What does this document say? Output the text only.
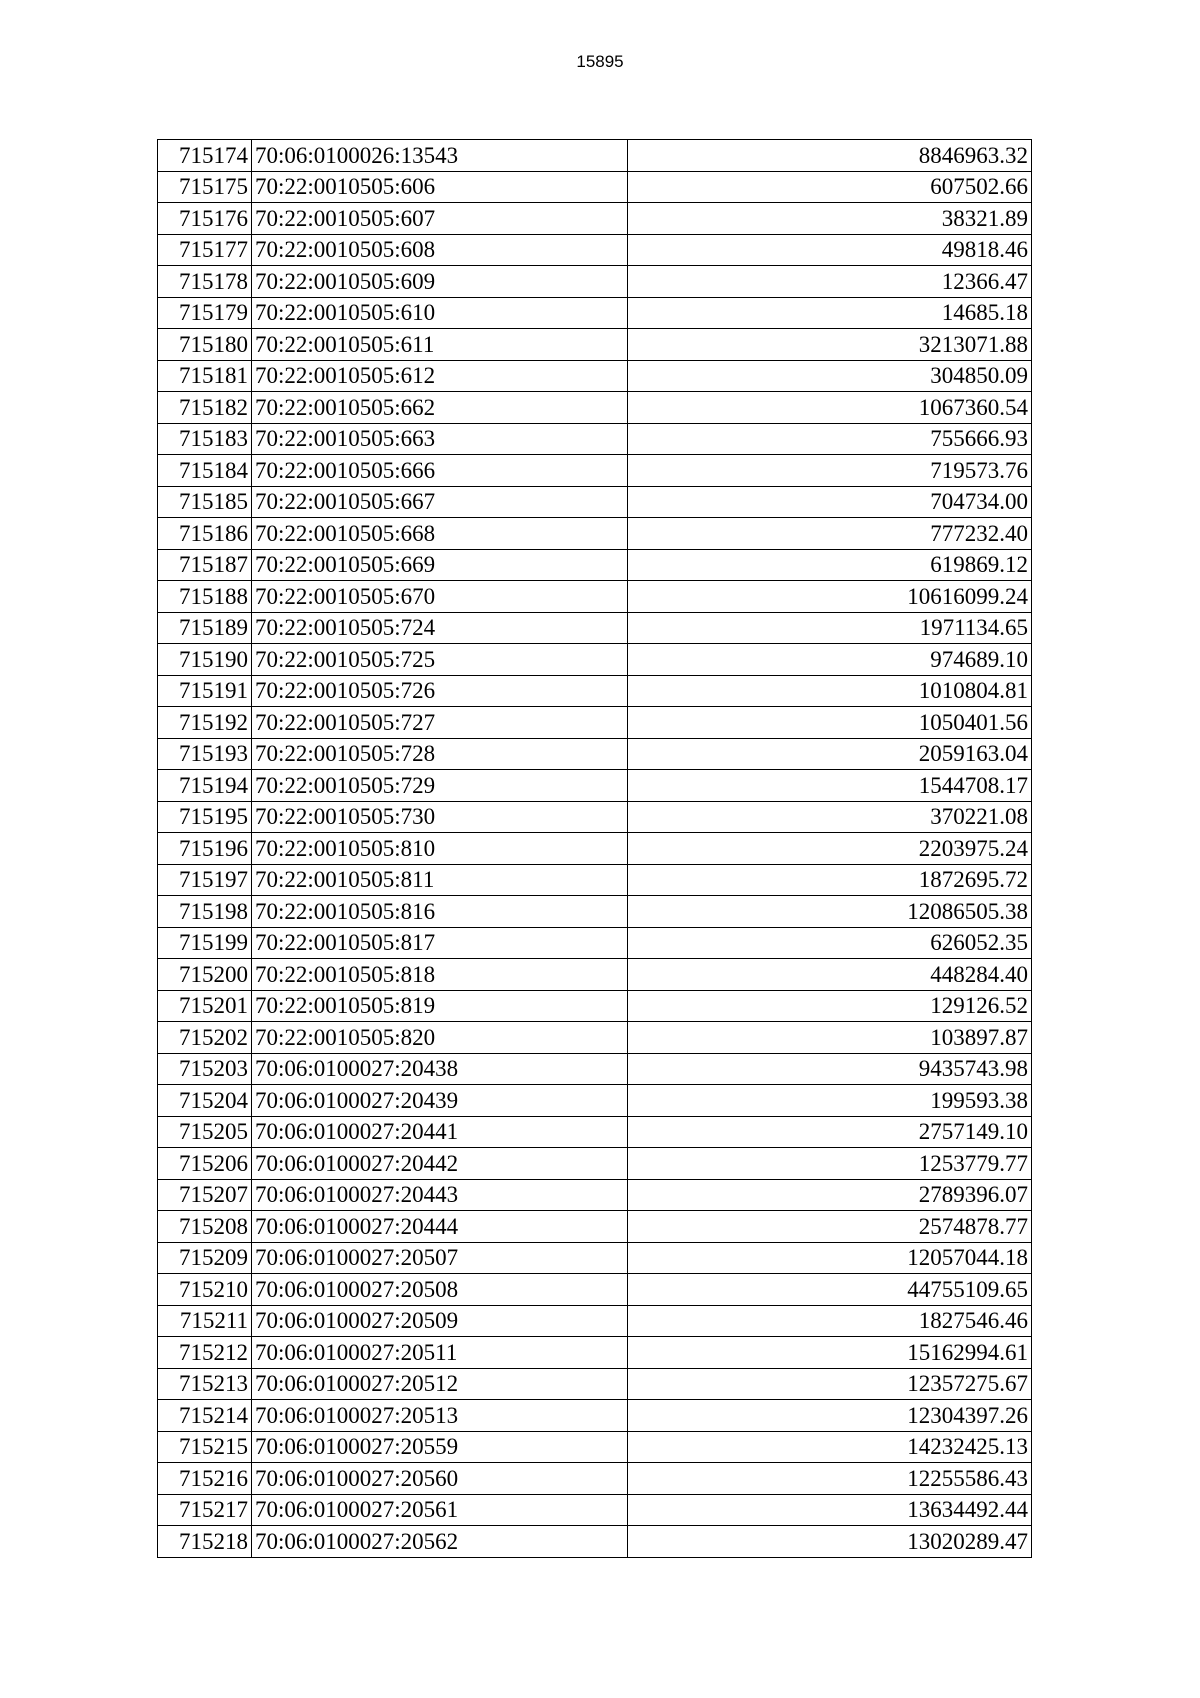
15895
715174	70:06:0100026:13543	8846963.32
715175	70:22:0010505:606	607502.66
715176	70:22:0010505:607	38321.89
715177	70:22:0010505:608	49818.46
715178	70:22:0010505:609	12366.47
715179	70:22:0010505:610	14685.18
715180	70:22:0010505:611	3213071.88
715181	70:22:0010505:612	304850.09
715182	70:22:0010505:662	1067360.54
715183	70:22:0010505:663	755666.93
715184	70:22:0010505:666	719573.76
715185	70:22:0010505:667	704734.00
715186	70:22:0010505:668	777232.40
715187	70:22:0010505:669	619869.12
715188	70:22:0010505:670	10616099.24
715189	70:22:0010505:724	1971134.65
715190	70:22:0010505:725	974689.10
715191	70:22:0010505:726	1010804.81
715192	70:22:0010505:727	1050401.56
715193	70:22:0010505:728	2059163.04
715194	70:22:0010505:729	1544708.17
715195	70:22:0010505:730	370221.08
715196	70:22:0010505:810	2203975.24
715197	70:22:0010505:811	1872695.72
715198	70:22:0010505:816	12086505.38
715199	70:22:0010505:817	626052.35
715200	70:22:0010505:818	448284.40
715201	70:22:0010505:819	129126.52
715202	70:22:0010505:820	103897.87
715203	70:06:0100027:20438	9435743.98
715204	70:06:0100027:20439	199593.38
715205	70:06:0100027:20441	2757149.10
715206	70:06:0100027:20442	1253779.77
715207	70:06:0100027:20443	2789396.07
715208	70:06:0100027:20444	2574878.77
715209	70:06:0100027:20507	12057044.18
715210	70:06:0100027:20508	44755109.65
715211	70:06:0100027:20509	1827546.46
715212	70:06:0100027:20511	15162994.61
715213	70:06:0100027:20512	12357275.67
715214	70:06:0100027:20513	12304397.26
715215	70:06:0100027:20559	14232425.13
715216	70:06:0100027:20560	12255586.43
715217	70:06:0100027:20561	13634492.44
715218	70:06:0100027:20562	13020289.47
